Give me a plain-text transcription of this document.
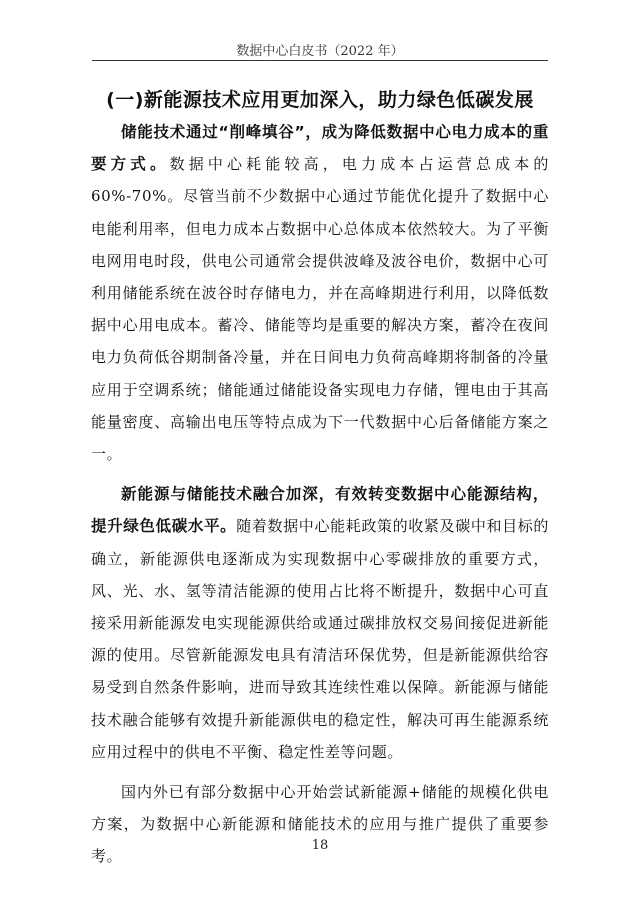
数据中心白皮书（2022 年）
(一)新能源技术应用更加深入，助力绿色低碳发展

储能技术通过“削峰填谷”，成为降低数据中心电力成本的重要方式。数据中心耗能较高，电力成本占运营总成本的 60%-70%。尽管当前不少数据中心通过节能优化提升了数据中心电能利用率，但电力成本占数据中心总体成本依然较大。为了平衡电网用电时段，供电公司通常会提供波峰及波谷电价，数据中心可利用储能系统在波谷时存储电力，并在高峰期进行利用，以降低数据中心用电成本。蓄冷、储能等均是重要的解决方案，蓄冷在夜间电力负荷低谷期制备冷量，并在日间电力负荷高峰期将制备的冷量应用于空调系统；储能通过储能设备实现电力存储，锂电由于其高能量密度、高输出电压等特点成为下一代数据中心后备储能方案之一。

新能源与储能技术融合加深，有效转变数据中心能源结构，提升绿色低碳水平。随着数据中心能耗政策的收紧及碳中和目标的确立，新能源供电逐渐成为实现数据中心零碳排放的重要方式，风、光、水、氢等清洁能源的使用占比将不断提升，数据中心可直接采用新能源发电实现能源供给或通过碳排放权交易间接促进新能源的使用。尽管新能源发电具有清洁环保优势，但是新能源供给容易受到自然条件影响，进而导致其连续性难以保障。新能源与储能技术融合能够有效提升新能源供电的稳定性，解决可再生能源系统应用过程中的供电不平衡、稳定性差等问题。

国内外已有部分数据中心开始尝试新能源+储能的规模化供电方案，为数据中心新能源和储能技术的应用与推广提供了重要参考。

18
